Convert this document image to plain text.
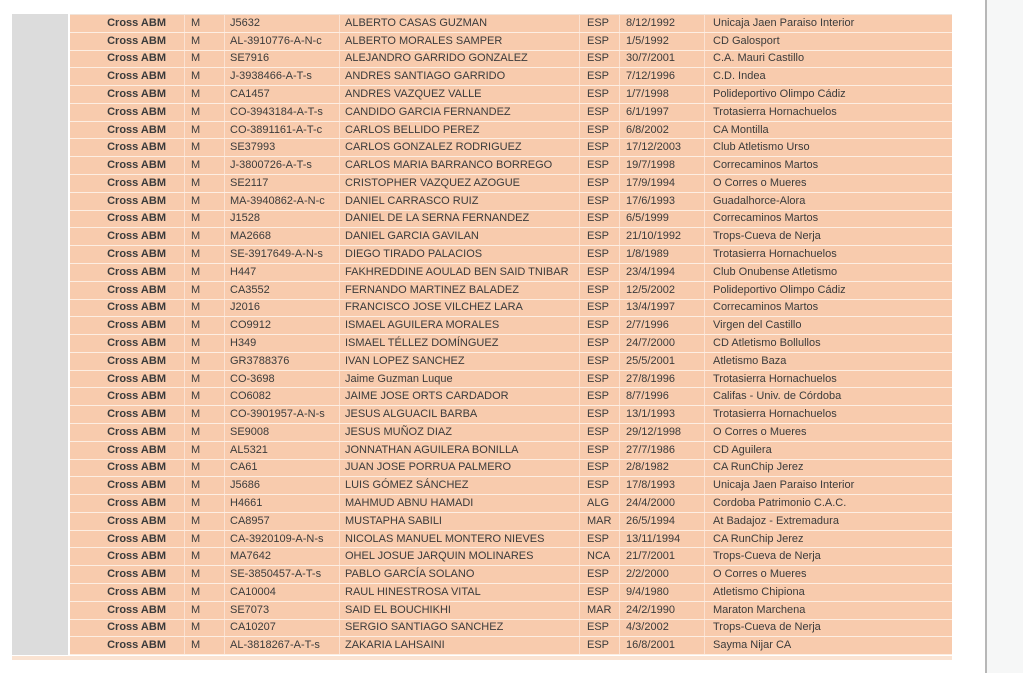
Cross ABM	M	J5632	ALBERTO CASAS GUZMAN	ESP	8/12/1992	Unicaja Jaen Paraiso Interior
Cross ABM	M	AL-3910776-A-N-c	ALBERTO MORALES SAMPER	ESP	1/5/1992	CD Galosport
Cross ABM	M	SE7916	ALEJANDRO GARRIDO GONZALEZ	ESP	30/7/2001	C.A. Mauri Castillo
Cross ABM	M	J-3938466-A-T-s	ANDRES SANTIAGO GARRIDO	ESP	7/12/1996	C.D. Indea
Cross ABM	M	CA1457	ANDRES VAZQUEZ VALLE	ESP	1/7/1998	Polideportivo Olimpo Cádiz
Cross ABM	M	CO-3943184-A-T-s	CANDIDO GARCIA FERNANDEZ	ESP	6/1/1997	Trotasierra Hornachuelos
Cross ABM	M	CO-3891161-A-T-c	CARLOS BELLIDO PEREZ	ESP	6/8/2002	CA Montilla
Cross ABM	M	SE37993	CARLOS GONZALEZ RODRIGUEZ	ESP	17/12/2003	Club Atletismo Urso
Cross ABM	M	J-3800726-A-T-s	CARLOS MARIA BARRANCO BORREGO	ESP	19/7/1998	Correcaminos Martos
Cross ABM	M	SE2117	CRISTOPHER VAZQUEZ AZOGUE	ESP	17/9/1994	O Corres o Mueres
Cross ABM	M	MA-3940862-A-N-c	DANIEL CARRASCO RUIZ	ESP	17/6/1993	Guadalhorce-Alora
Cross ABM	M	J1528	DANIEL DE LA SERNA FERNANDEZ	ESP	6/5/1999	Correcaminos Martos
Cross ABM	M	MA2668	DANIEL GARCIA GAVILAN	ESP	21/10/1992	Trops-Cueva de Nerja
Cross ABM	M	SE-3917649-A-N-s	DIEGO TIRADO PALACIOS	ESP	1/8/1989	Trotasierra Hornachuelos
Cross ABM	M	H447	FAKHREDDINE AOULAD BEN SAID TNIBAR	ESP	23/4/1994	Club Onubense Atletismo
Cross ABM	M	CA3552	FERNANDO MARTINEZ BALADEZ	ESP	12/5/2002	Polideportivo Olimpo Cádiz
Cross ABM	M	J2016	FRANCISCO JOSE VILCHEZ LARA	ESP	13/4/1997	Correcaminos Martos
Cross ABM	M	CO9912	ISMAEL AGUILERA MORALES	ESP	2/7/1996	Virgen del Castillo
Cross ABM	M	H349	ISMAEL TÉLLEZ DOMÍNGUEZ	ESP	24/7/2000	CD Atletismo Bollullos
Cross ABM	M	GR3788376	IVAN LOPEZ SANCHEZ	ESP	25/5/2001	Atletismo Baza
Cross ABM	M	CO-3698	Jaime Guzman Luque	ESP	27/8/1996	Trotasierra Hornachuelos
Cross ABM	M	CO6082	JAIME JOSE ORTS CARDADOR	ESP	8/7/1996	Califas - Univ. de Córdoba
Cross ABM	M	CO-3901957-A-N-s	JESUS ALGUACIL BARBA	ESP	13/1/1993	Trotasierra Hornachuelos
Cross ABM	M	SE9008	JESUS MUÑOZ DIAZ	ESP	29/12/1998	O Corres o Mueres
Cross ABM	M	AL5321	JONNATHAN AGUILERA BONILLA	ESP	27/7/1986	CD Aguilera
Cross ABM	M	CA61	JUAN JOSE PORRUA PALMERO	ESP	2/8/1982	CA RunChip Jerez
Cross ABM	M	J5686	LUIS GÓMEZ SÁNCHEZ	ESP	17/8/1993	Unicaja Jaen Paraiso Interior
Cross ABM	M	H4661	MAHMUD ABNU HAMADI	ALG	24/4/2000	Cordoba Patrimonio C.A.C.
Cross ABM	M	CA8957	MUSTAPHA SABILI	MAR	26/5/1994	At Badajoz - Extremadura
Cross ABM	M	CA-3920109-A-N-s	NICOLAS MANUEL MONTERO NIEVES	ESP	13/11/1994	CA RunChip Jerez
Cross ABM	M	MA7642	OHEL JOSUE JARQUIN MOLINARES	NCA	21/7/2001	Trops-Cueva de Nerja
Cross ABM	M	SE-3850457-A-T-s	PABLO GARCÍA SOLANO	ESP	2/2/2000	O Corres o Mueres
Cross ABM	M	CA10004	RAUL HINESTROSA VITAL	ESP	9/4/1980	Atletismo Chipiona
Cross ABM	M	SE7073	SAID EL BOUCHIKHI	MAR	24/2/1990	Maraton Marchena
Cross ABM	M	CA10207	SERGIO SANTIAGO SANCHEZ	ESP	4/3/2002	Trops-Cueva de Nerja
Cross ABM	M	AL-3818267-A-T-s	ZAKARIA LAHSAINI	ESP	16/8/2001	Sayma Nijar CA
